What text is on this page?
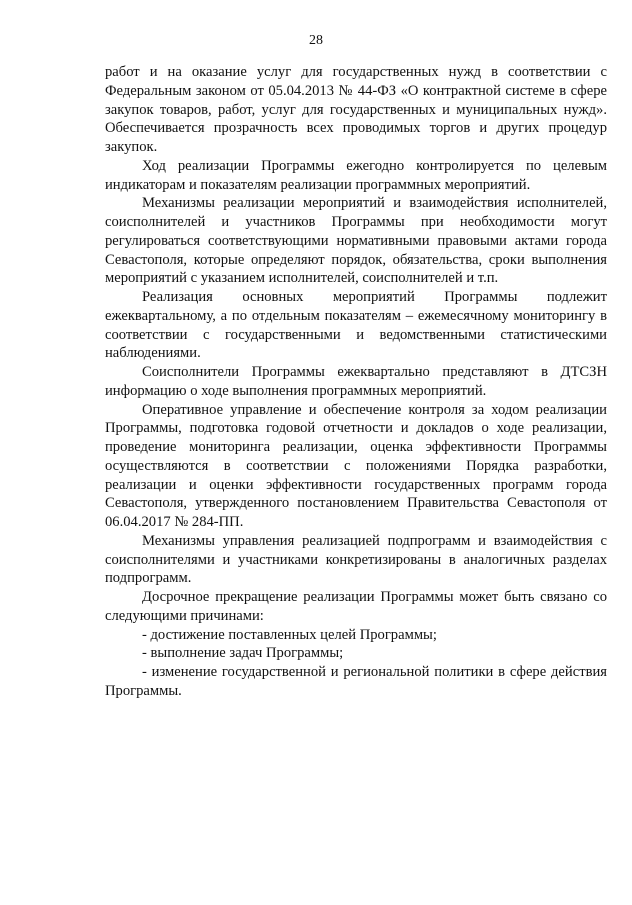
28

работ и на оказание услуг для государственных нужд в соответствии с Федеральным законом от 05.04.2013 № 44-ФЗ «О контрактной системе в сфере закупок товаров, работ, услуг для государственных и муниципальных нужд». Обеспечивается прозрачность всех проводимых торгов и других процедур закупок.

Ход реализации Программы ежегодно контролируется по целевым индикаторам и показателям реализации программных мероприятий.

Механизмы реализации мероприятий и взаимодействия исполнителей, соисполнителей и участников Программы при необходимости могут регулироваться соответствующими нормативными правовыми актами города Севастополя, которые определяют порядок, обязательства, сроки выполнения мероприятий с указанием исполнителей, соисполнителей и т.п.

Реализация основных мероприятий Программы подлежит ежеквартальному, а по отдельным показателям – ежемесячному мониторингу в соответствии с государственными и ведомственными статистическими наблюдениями.

Соисполнители Программы ежеквартально представляют в ДТСЗН информацию о ходе выполнения программных мероприятий.

Оперативное управление и обеспечение контроля за ходом реализации Программы, подготовка годовой отчетности и докладов о ходе реализации, проведение мониторинга реализации, оценка эффективности Программы осуществляются в соответствии с положениями Порядка разработки, реализации и оценки эффективности государственных программ города Севастополя, утвержденного постановлением Правительства Севастополя от 06.04.2017 № 284-ПП.

Механизмы управления реализацией подпрограмм и взаимодействия с соисполнителями и участниками конкретизированы в аналогичных разделах подпрограмм.

Досрочное прекращение реализации Программы может быть связано со следующими причинами:

- достижение поставленных целей Программы;

- выполнение задач Программы;

- изменение государственной и региональной политики в сфере действия Программы.
